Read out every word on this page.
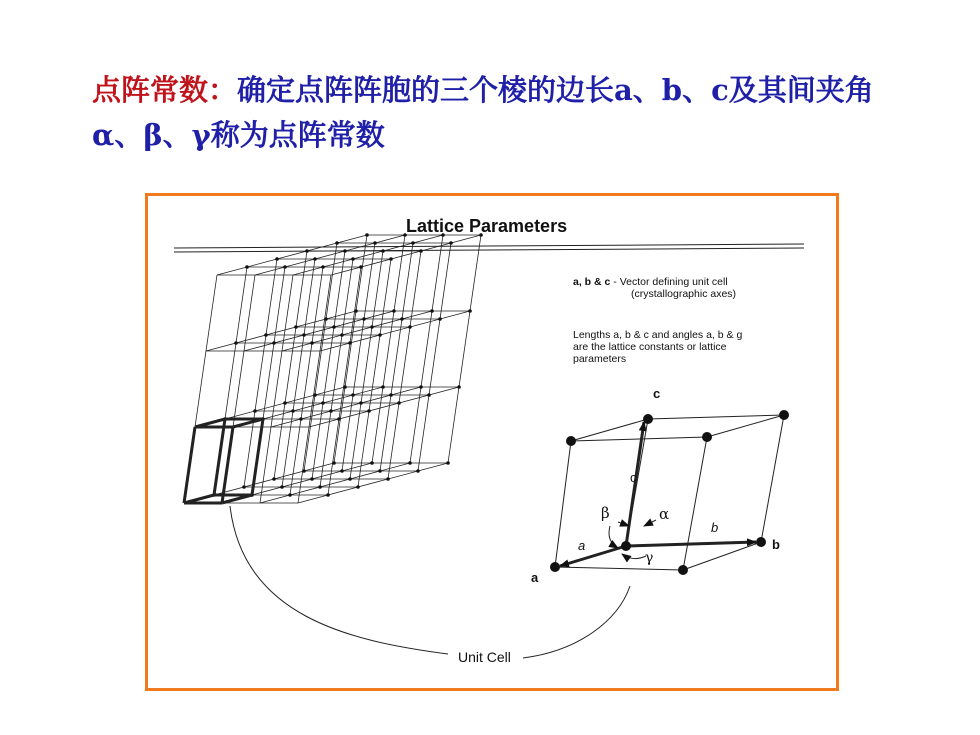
点阵常数：确定点阵阵胞的三个棱的边长a、b、c及其间夹角α、β、γ称为点阵常数
Lattice Parameters
a, b & c - Vector defining unit cell
(crystallographic axes)
Lengths a, b & c and angles a, b & g
are the lattice constants or lattice
parameters
c
c
b
b
a
a
β	α
γ
Unit Cell
